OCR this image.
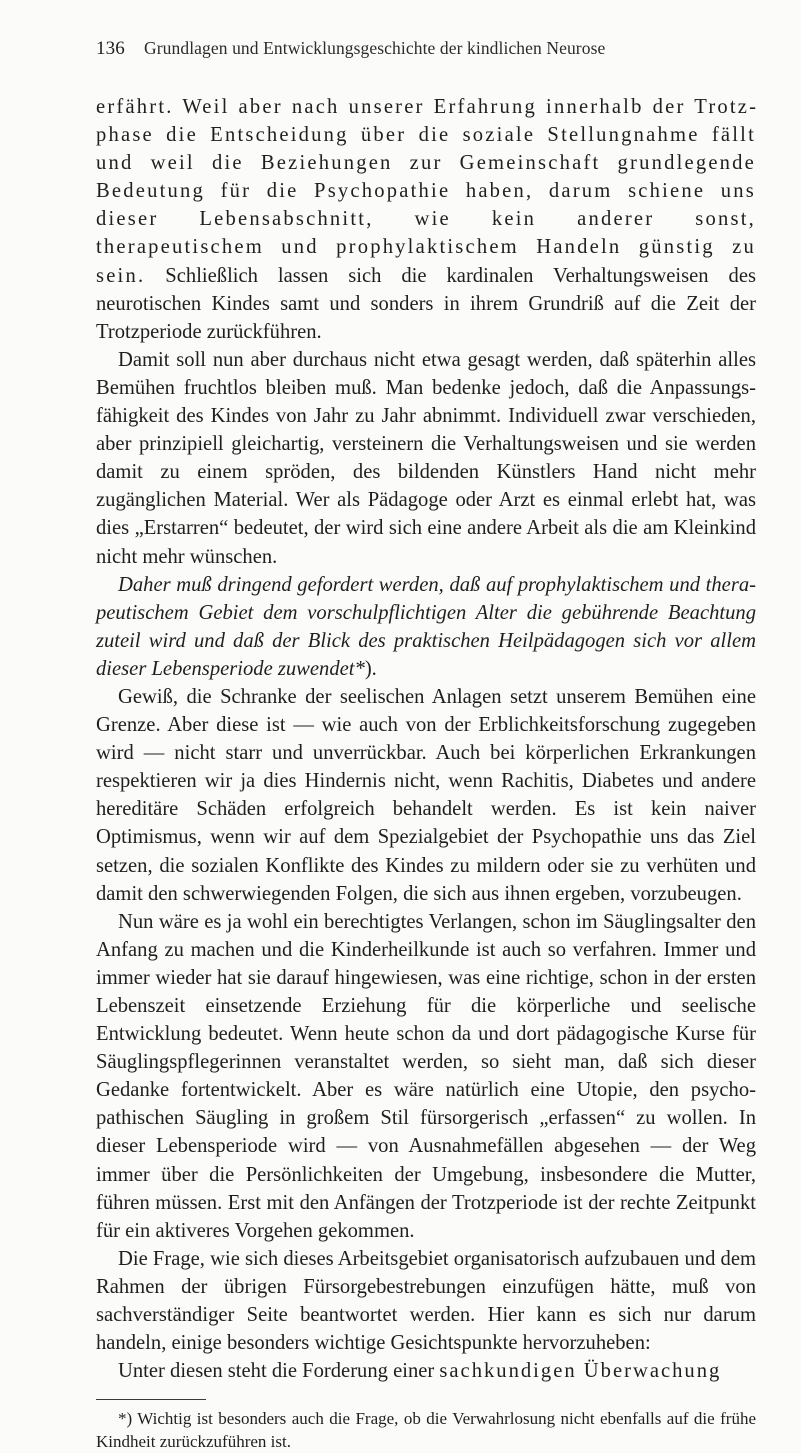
136	Grundlagen und Entwicklungsgeschichte der kindlichen Neurose

erfährt. Weil aber nach unserer Erfahrung innerhalb der Trotzphase die Entscheidung über die soziale Stellungnahme fällt und weil die Beziehungen zur Gemeinschaft grundlegende Bedeutung für die Psychopathie haben, darum schiene uns dieser Lebensabschnitt, wie kein anderer sonst, therapeutischem und prophylaktischem Handeln günstig zu sein. Schließlich lassen sich die kardinalen Verhaltungsweisen des neurotischen Kindes samt und sonders in ihrem Grundriß auf die Zeit der Trotzperiode zurückführen.

Damit soll nun aber durchaus nicht etwa gesagt werden, daß späterhin alles Bemühen fruchtlos bleiben muß. Man bedenke jedoch, daß die Anpassungsfähigkeit des Kindes von Jahr zu Jahr abnimmt. Individuell zwar verschieden, aber prinzipiell gleichartig, versteinern die Verhaltungsweisen und sie werden damit zu einem spröden, des bildenden Künstlers Hand nicht mehr zugänglichen Material. Wer als Pädagoge oder Arzt es einmal erlebt hat, was dies „Erstarren“ bedeutet, der wird sich eine andere Arbeit als die am Kleinkind nicht mehr wünschen.

Daher muß dringend gefordert werden, daß auf prophylaktischem und therapeutischem Gebiet dem vorschulpflichtigen Alter die gebührende Beachtung zuteil wird und daß der Blick des praktischen Heilpädagogen sich vor allem dieser Lebensperiode zuwendet*).

Gewiß, die Schranke der seelischen Anlagen setzt unserem Bemühen eine Grenze. Aber diese ist — wie auch von der Erblichkeitsforschung zugegeben wird — nicht starr und unverrückbar. Auch bei körperlichen Erkrankungen respektieren wir ja dies Hindernis nicht, wenn Rachitis, Diabetes und andere hereditäre Schäden erfolgreich behandelt werden. Es ist kein naiver Optimismus, wenn wir auf dem Spezialgebiet der Psychopathie uns das Ziel setzen, die sozialen Konflikte des Kindes zu mildern oder sie zu verhüten und damit den schwerwiegenden Folgen, die sich aus ihnen ergeben, vorzubeugen.

Nun wäre es ja wohl ein berechtigtes Verlangen, schon im Säuglingsalter den Anfang zu machen und die Kinderheilkunde ist auch so verfahren. Immer und immer wieder hat sie darauf hingewiesen, was eine richtige, schon in der ersten Lebenszeit einsetzende Erziehung für die körperliche und seelische Entwicklung bedeutet. Wenn heute schon da und dort pädagogische Kurse für Säuglingspflegerinnen veranstaltet werden, so sieht man, daß sich dieser Gedanke fortentwickelt. Aber es wäre natürlich eine Utopie, den psychopathischen Säugling in großem Stil fürsorgerisch „erfassen“ zu wollen. In dieser Lebensperiode wird — von Ausnahmefällen abgesehen — der Weg immer über die Persönlichkeiten der Umgebung, insbesondere die Mutter, führen müssen. Erst mit den Anfängen der Trotzperiode ist der rechte Zeitpunkt für ein aktiveres Vorgehen gekommen.

Die Frage, wie sich dieses Arbeitsgebiet organisatorisch aufzubauen und dem Rahmen der übrigen Fürsorgebestrebungen einzufügen hätte, muß von sachverständiger Seite beantwortet werden. Hier kann es sich nur darum handeln, einige besonders wichtige Gesichtspunkte hervorzuheben:

Unter diesen steht die Forderung einer sachkundigen Überwachung

*) Wichtig ist besonders auch die Frage, ob die Verwahrlosung nicht ebenfalls auf die frühe Kindheit zurückzuführen ist.
